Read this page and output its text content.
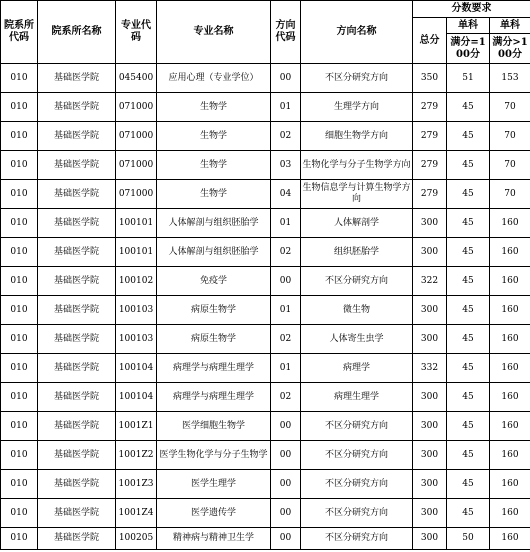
院系所代码	院系所名称	专业代码	专业名称	方向代码	方向名称	分数要求		
						总分	单科	单科
							满分=100分	满分>100分
010	基础医学院	045400	应用心理（专业学位）	00	不区分研究方向	350	51	153
010	基础医学院	071000	生物学	01	生理学方向	279	45	70
010	基础医学院	071000	生物学	02	细胞生物学方向	279	45	70
010	基础医学院	071000	生物学	03	生物化学与分子生物学方向	279	45	70
010	基础医学院	071000	生物学	04	生物信息学与计算生物学方向	279	45	70
010	基础医学院	100101	人体解剖与组织胚胎学	01	人体解剖学	300	45	160
010	基础医学院	100101	人体解剖与组织胚胎学	02	组织胚胎学	300	45	160
010	基础医学院	100102	免疫学	00	不区分研究方向	322	45	160
010	基础医学院	100103	病原生物学	01	微生物	300	45	160
010	基础医学院	100103	病原生物学	02	人体寄生虫学	300	45	160
010	基础医学院	100104	病理学与病理生理学	01	病理学	332	45	160
010	基础医学院	100104	病理学与病理生理学	02	病理生理学	300	45	160
010	基础医学院	1001Z1	医学细胞生物学	00	不区分研究方向	300	45	160
010	基础医学院	1001Z2	医学生物化学与分子生物学	00	不区分研究方向	300	45	160
010	基础医学院	1001Z3	医学生理学	00	不区分研究方向	300	45	160
010	基础医学院	1001Z4	医学遗传学	00	不区分研究方向	300	45	160
010	基础医学院	100205	精神病与精神卫生学	00	不区分研究方向	300	50	160
